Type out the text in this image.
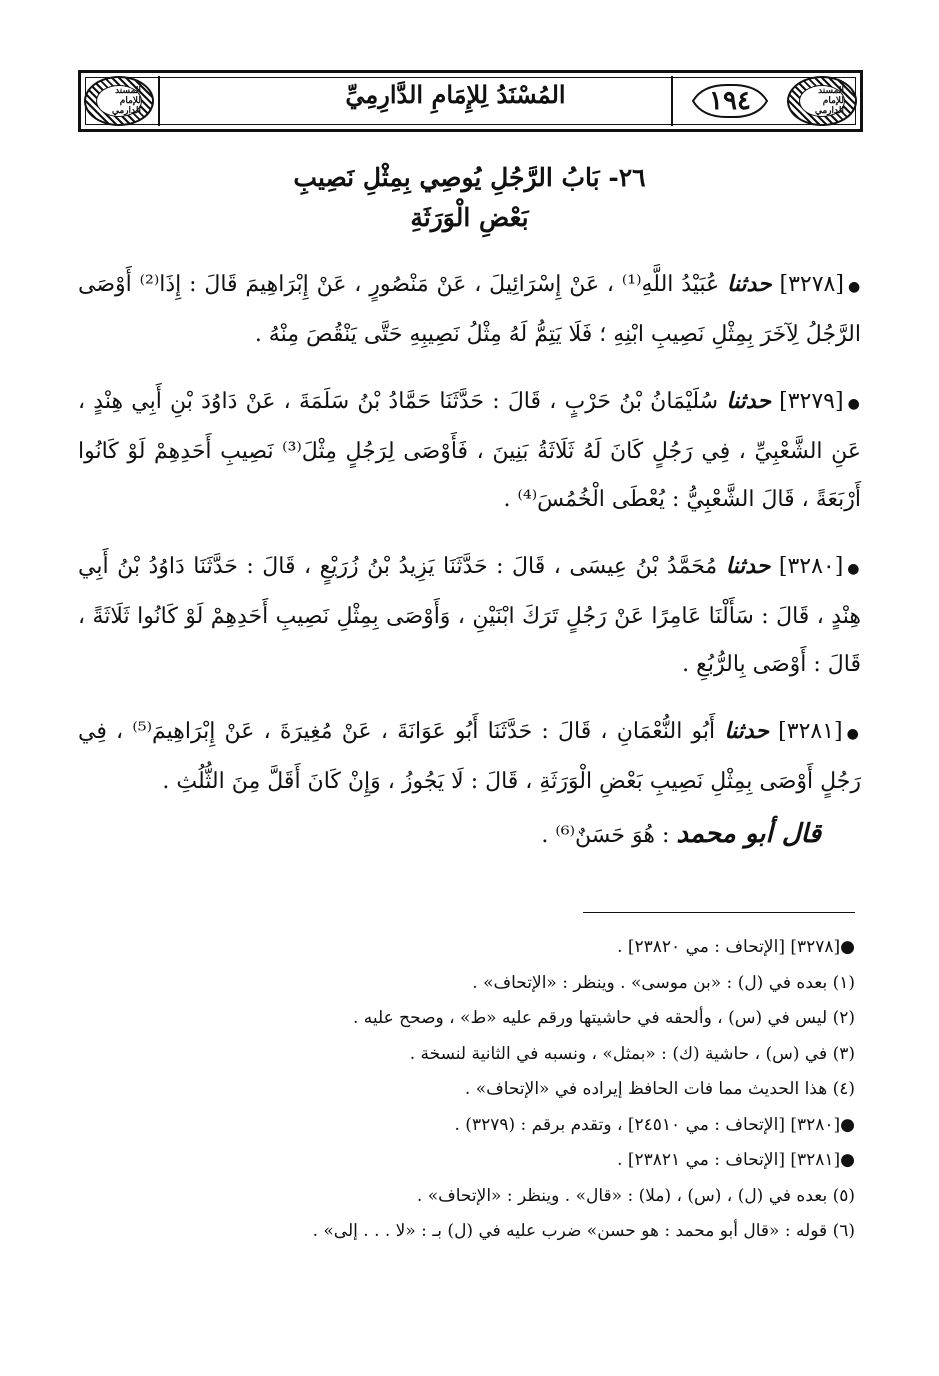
المسند للإمام الدارمي
١٩٤
المُسْنَدُ لِلإِمَامِ الدَّارِمِيِّ
المسند للإمام الدارمي
٢٦- بَابُ الرَّجُلِ يُوصِي بِمِثْلِ نَصِيبِ
بَعْضِ الْوَرَثَةِ

●[٣٢٧٨] حدثنا عُبَيْدُ اللَّهِ⁽¹⁾ ، عَنْ إِسْرَائِيلَ ، عَنْ مَنْصُورٍ ، عَنْ إِبْرَاهِيمَ قَالَ : إِذَا⁽²⁾ أَوْصَى الرَّجُلُ لِآخَرَ بِمِثْلِ نَصِيبِ ابْنِهِ ؛ فَلَا يَتِمُّ لَهُ مِثْلُ نَصِيبِهِ حَتَّى يَنْقُصَ مِنْهُ .

●[٣٢٧٩] حدثنا سُلَيْمَانُ بْنُ حَرْبٍ ، قَالَ : حَدَّثَنَا حَمَّادُ بْنُ سَلَمَةَ ، عَنْ دَاوُدَ بْنِ أَبِي هِنْدٍ ، عَنِ الشَّعْبِيِّ ، فِي رَجُلٍ كَانَ لَهُ ثَلَاثَةُ بَنِينَ ، فَأَوْصَى لِرَجُلٍ مِثْلَ⁽³⁾ نَصِيبِ أَحَدِهِمْ لَوْ كَانُوا أَرْبَعَةً ، قَالَ الشَّعْبِيُّ : يُعْطَى الْخُمُسَ⁽⁴⁾ .

●[٣٢٨٠] حدثنا مُحَمَّدُ بْنُ عِيسَى ، قَالَ : حَدَّثَنَا يَزِيدُ بْنُ زُرَيْعٍ ، قَالَ : حَدَّثَنَا دَاوُدُ بْنُ أَبِي هِنْدٍ ، قَالَ : سَأَلْنَا عَامِرًا عَنْ رَجُلٍ تَرَكَ ابْنَيْنِ ، وَأَوْصَى بِمِثْلِ نَصِيبِ أَحَدِهِمْ لَوْ كَانُوا ثَلَاثَةً ، قَالَ : أَوْصَى بِالرُّبُعِ .

●[٣٢٨١] حدثنا أَبُو النُّعْمَانِ ، قَالَ : حَدَّثَنَا أَبُو عَوَانَةَ ، عَنْ مُغِيرَةَ ، عَنْ إِبْرَاهِيمَ⁽⁵⁾ ، فِي رَجُلٍ أَوْصَى بِمِثْلِ نَصِيبِ بَعْضِ الْوَرَثَةِ ، قَالَ : لَا يَجُوزُ ، وَإِنْ كَانَ أَقَلَّ مِنَ الثُّلُثِ .

قال أبو محمد : هُوَ حَسَنٌ⁽⁶⁾ .

●[٣٢٧٨] [الإتحاف : مي ٢٣٨٢٠] .
(١) بعده في (ل) : «بن موسى» . وينظر : «الإتحاف» .
(٢) ليس في (س) ، وألحقه في حاشيتها ورقم عليه «ط» ، وصحح عليه .
(٣) في (س) ، حاشية (ك) : «بمثل» ، ونسبه في الثانية لنسخة .
(٤) هذا الحديث مما فات الحافظ إيراده في «الإتحاف» .
●[٣٢٨٠] [الإتحاف : مي ٢٤٥١٠] ، وتقدم برقم : (٣٢٧٩) .
●[٣٢٨١] [الإتحاف : مي ٢٣٨٢١] .
(٥) بعده في (ل) ، (س) ، (ملا) : «قال» . وينظر : «الإتحاف» .
(٦) قوله : «قال أبو محمد : هو حسن» ضرب عليه في (ل) بـ : «لا . . . إلى» .
